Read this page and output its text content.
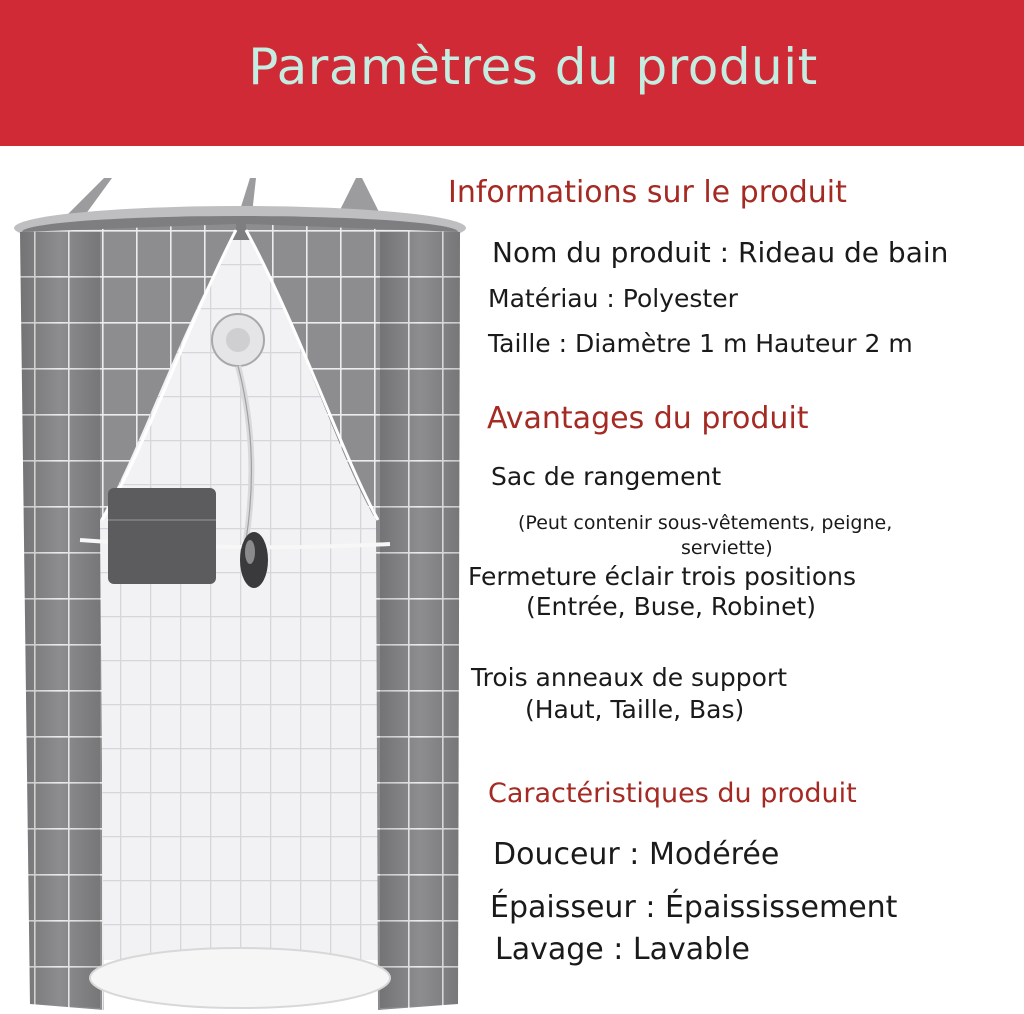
Paramètres du produit
Informations sur le produit
Nom du produit : Rideau de bain
Matériau : Polyester
Taille : Diamètre 1 m Hauteur 2 m
Avantages du produit
Sac de rangement
(Peut contenir sous-vêtements, peigne,
serviette)
Fermeture éclair trois positions
(Entrée, Buse, Robinet)
Trois anneaux de support
(Haut, Taille, Bas)
Caractéristiques du produit
Douceur : Modérée
Épaisseur : Épaississement
Lavage : Lavable
